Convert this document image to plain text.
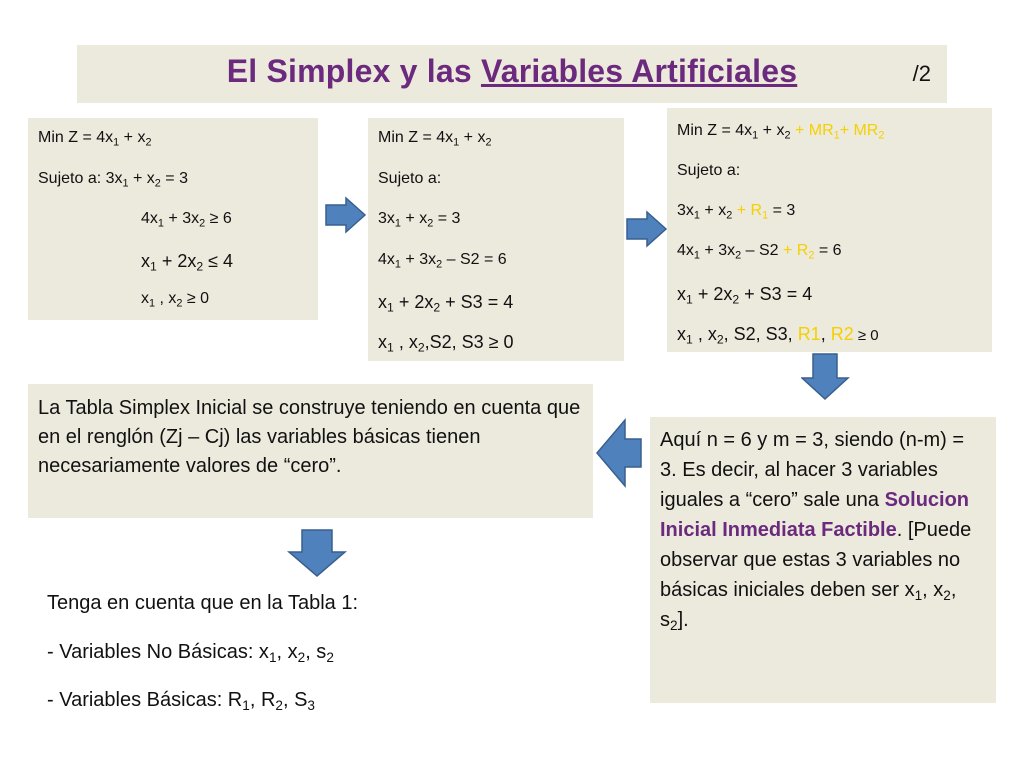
El Simplex y las Variables Artificiales	/2
Min $Z = 4x_1 + x_2$
Sujeto a: $3x_1 + x_2 = 3$
$4x_1 + 3x_2 \ge 6$
$x_1 + 2x_2 \le 4$
$x_1$ , $x_2 \ge 0$
Min $Z = 4x_1 + x_2$
Sujeto a:
$3x_1 + x_2 = 3$
$4x_1 + 3x_2 - S2 = 6$
$x_1 + 2x_2 + S3 = 4$
$x_1$ , $x_2,S2$, S3 ≥ 0
Min $Z = 4x_1 + x_2 + MR_1+ MR_2$
Sujeto a:
$3x_1 + x_2 + R_1 = 3$
$4x_1 + 3x_2 - S2 + R_2 = 6$
$x_1 + 2x_2 + S3 = 4$
$x_1$ , $x_2$, S2, S3, R1, R2 ≥ 0
La Tabla Simplex Inicial se construye teniendo en cuenta que en el renglón (Zj – Cj) las variables básicas tienen necesariamente valores de “cero”.
Aquí n = 6 y m = 3, siendo (n-m) = 3. Es decir, al hacer 3 variables iguales a “cero” sale una Solucion Inicial Inmediata Factible. [Puede observar que estas 3 variables no básicas iniciales deben ser $x_1$, $x_2$, $s_2$].
Tenga en cuenta que en la Tabla 1:
- Variables No Básicas: $x_1$, $x_2$, $s_2$
- Variables Básicas: $R_1$, $R_2$, $S_3$
